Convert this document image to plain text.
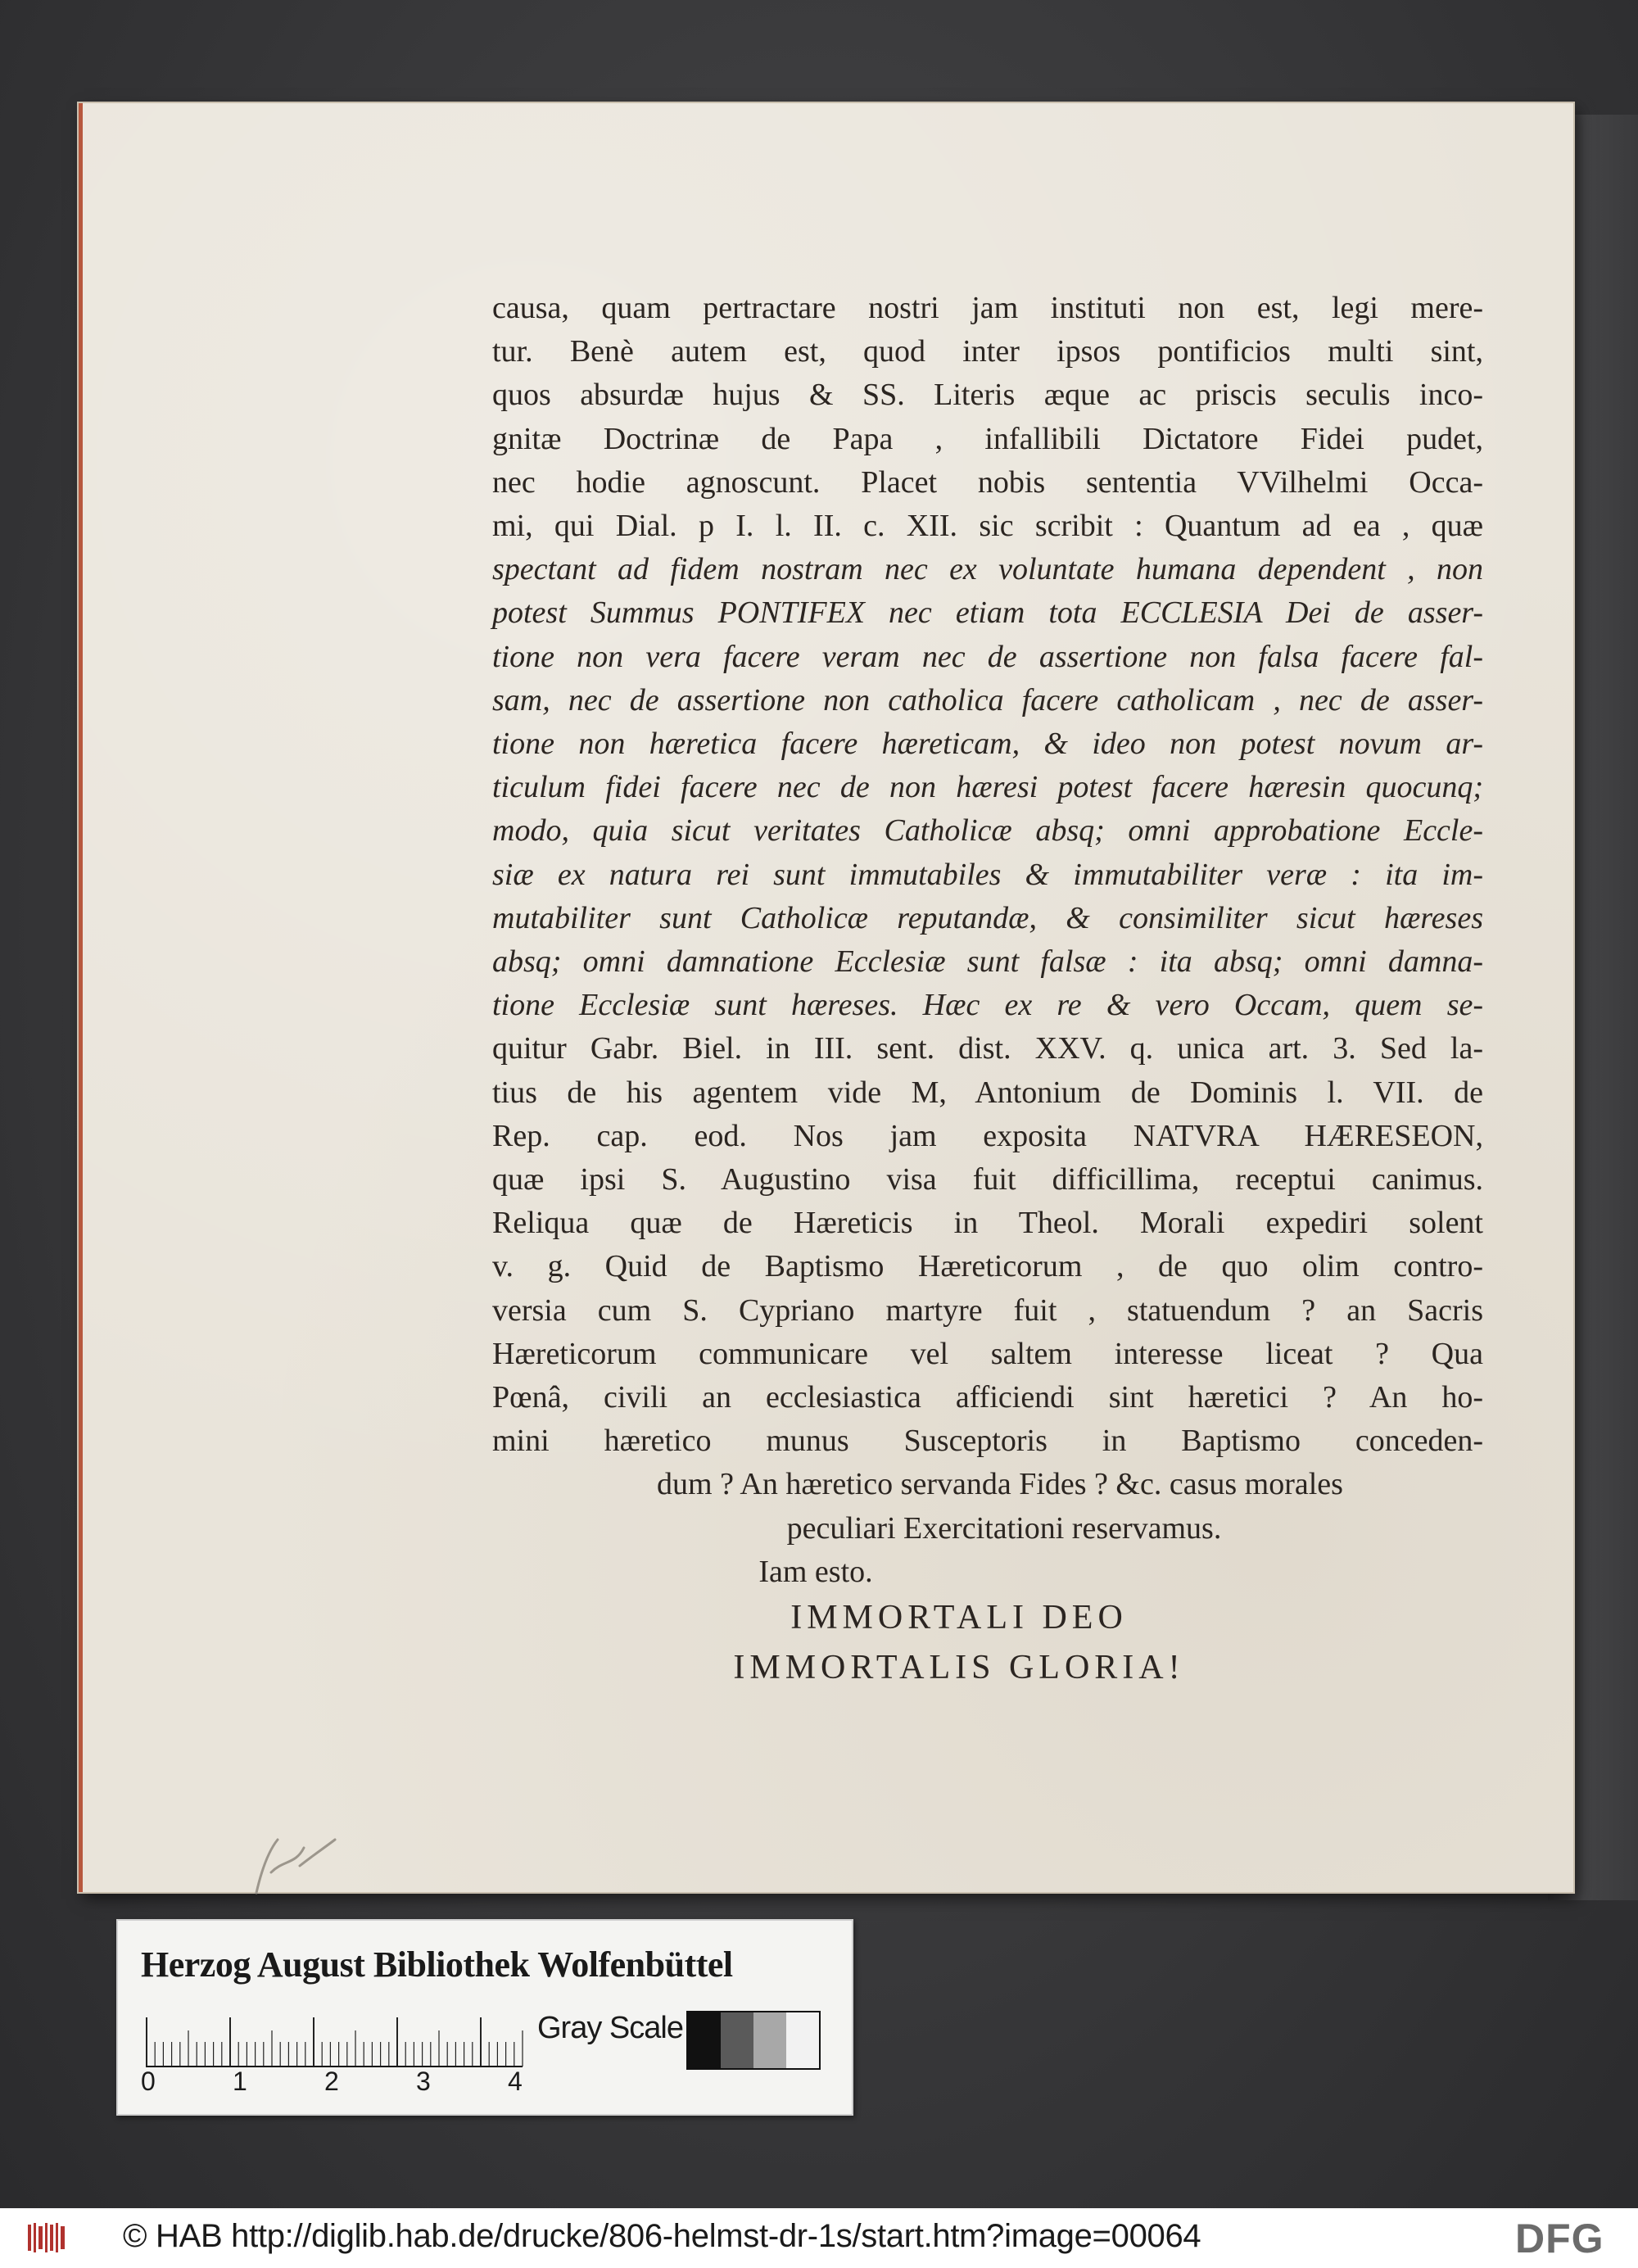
causa, quam pertractare nostri jam instituti non est, legi mere-
tur. Benè autem est, quod inter ipsos pontificios multi sint,
quos absurdæ hujus & SS. Literis æque ac priscis seculis inco-
gnitæ Doctrinæ de Papa , infallibili Dictatore Fidei pudet,
nec hodie agnoscunt. Placet nobis sententia VVilhelmi Occa-
mi, qui Dial. p I. l. II. c. XII. sic scribit : Quantum ad ea , quæ
spectant ad fidem nostram nec ex voluntate humana dependent , non
potest Summus PONTIFEX nec etiam tota ECCLESIA Dei de asser-
tione non vera facere veram nec de assertione non falsa facere fal-
sam, nec de assertione non catholica facere catholicam , nec de asser-
tione non hæretica facere hæreticam, & ideo non potest novum ar-
ticulum fidei facere nec de non hæresi potest facere hæresin quocunq;
modo, quia sicut veritates Catholicæ absq; omni approbatione Eccle-
siæ ex natura rei sunt immutabiles & immutabiliter veræ : ita im-
mutabiliter sunt Catholicæ reputandæ, & consimiliter sicut hæreses
absq; omni damnatione Ecclesiæ sunt falsæ : ita absq; omni damna-
tione Ecclesiæ sunt hæreses. Hæc ex re & vero Occam, quem se-
quitur Gabr. Biel. in III. sent. dist. XXV. q. unica art. 3. Sed la-
tius de his agentem vide M, Antonium de Dominis l. VII. de
Rep. cap. eod. Nos jam exposita NATVRA HÆRESEON,
quæ ipsi S. Augustino visa fuit difficillima, receptui canimus.
Reliqua quæ de Hæreticis in Theol. Morali expediri solent
v. g. Quid de Baptismo Hæreticorum , de quo olim contro-
versia cum S. Cypriano martyre fuit , statuendum ? an Sacris
Hæreticorum communicare vel saltem interesse liceat ? Qua
Pœnâ, civili an ecclesiastica afficiendi sint hæretici ? An ho-
mini hæretico munus Susceptoris in Baptismo conceden-
dum ? An hæretico servanda Fides ? &c. casus morales
peculiari Exercitationi reservamus.
Iam esto.
IMMORTALI DEO
IMMORTALIS GLORIA!
Herzog August Bibliothek Wolfenbüttel
0	1	2	3	4
Gray Scale
© HAB http://diglib.hab.de/drucke/806-helmst-dr-1s/start.htm?image=00064	DFG
